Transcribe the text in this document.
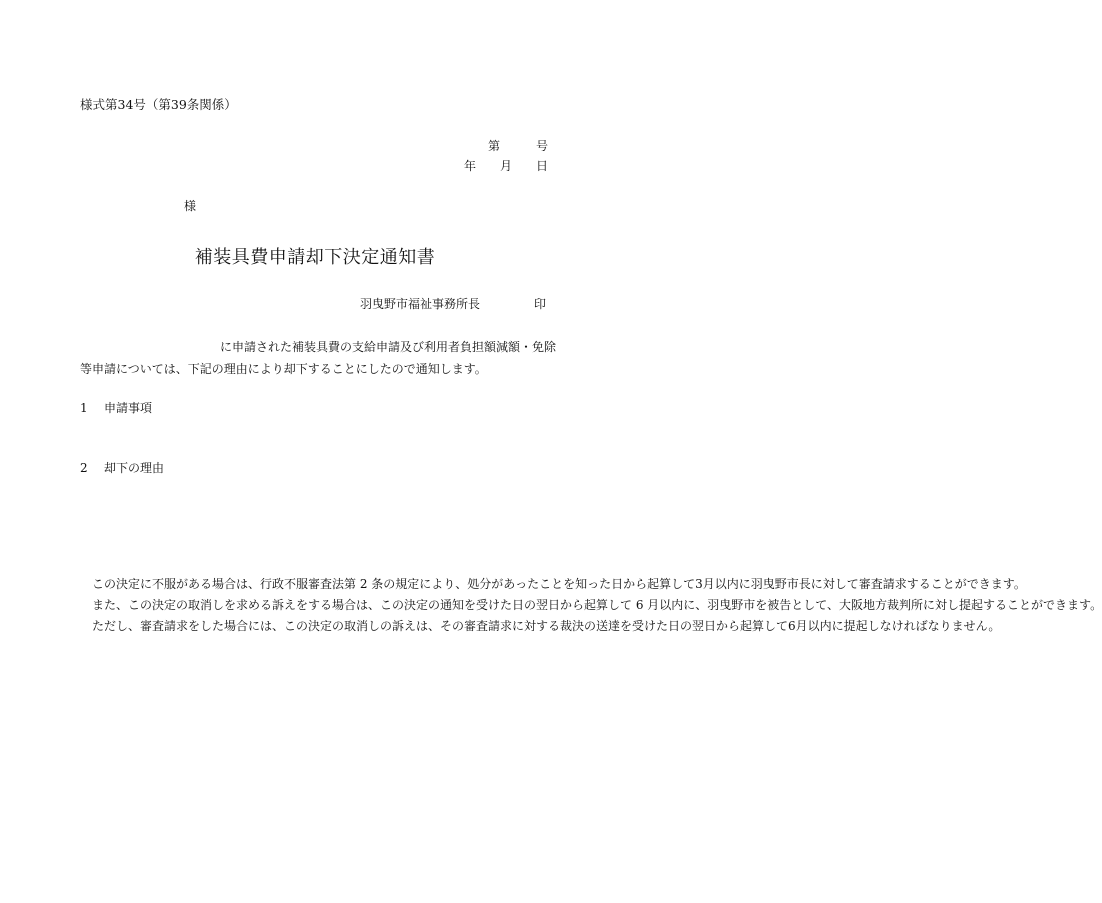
様式第34号（第39条関係）
第	号
年 月 日
様
補装具費申請却下決定通知書
羽曳野市福祉事務所長	印
に申請された補装具費の支給申請及び利用者負担額減額・免除
等申請については、下記の理由により却下することにしたので通知します。
1 申請事項
2 却下の理由

この決定に不服がある場合は、行政不服審査法第 2 条の規定により、処分があったことを知った日から起算して3月以内に羽曳野市長に対して審査請求することができます。

また、この決定の取消しを求める訴えをする場合は、この決定の通知を受けた日の翌日から起算して 6 月以内に、羽曳野市を被告として、大阪地方裁判所に対し提起することができます。

ただし、審査請求をした場合には、この決定の取消しの訴えは、その審査請求に対する裁決の送達を受けた日の翌日から起算して6月以内に提起しなければなりません。
